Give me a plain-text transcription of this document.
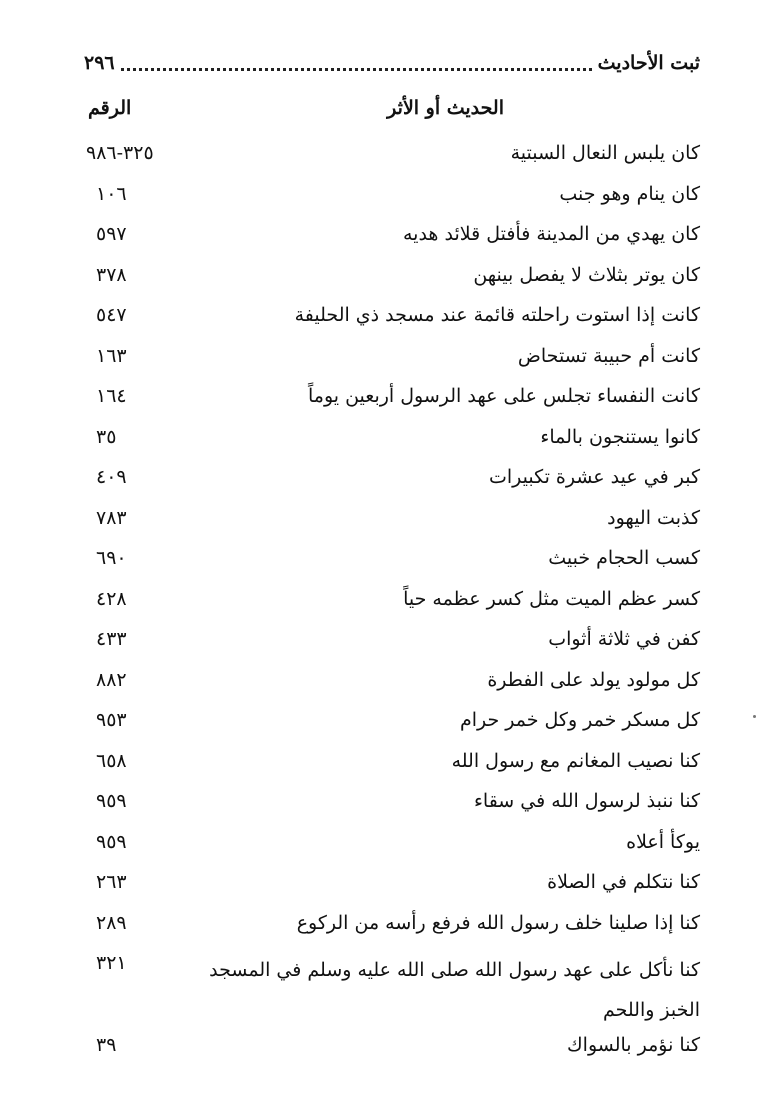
ثبت الأحاديث
٢٩٦
الحديث أو الأثر
الرقم
كان يلبس النعال السبتية
٣٢٥-٩٨٦
كان ينام وهو جنب
١٠٦
كان يهدي من المدينة فأفتل قلائد هديه
٥٩٧
كان يوتر بثلاث لا يفصل بينهن
٣٧٨
كانت إذا استوت راحلته قائمة عند مسجد ذي الحليفة
٥٤٧
كانت أم حبيبة تستحاض
١٦٣
كانت النفساء تجلس على عهد الرسول أربعين يوماً
١٦٤
كانوا يستنجون بالماء
٣٥
كبر في عيد عشرة تكبيرات
٤٠٩
كذبت اليهود
٧٨٣
كسب الحجام خبيث
٦٩٠
كسر عظم الميت مثل كسر عظمه حياً
٤٢٨
كفن في ثلاثة أثواب
٤٣٣
كل مولود يولد على الفطرة
٨٨٢
كل مسكر خمر وكل خمر حرام
٩٥٣
كنا نصيب المغانم مع رسول الله
٦٥٨
كنا ننبذ لرسول الله في سقاء
٩٥٩
يوكأ أعلاه
٩٥٩
كنا نتكلم في الصلاة
٢٦٣
كنا إذا صلينا خلف رسول الله فرفع رأسه من الركوع
٢٨٩
كنا نأكل على عهد رسول الله صلى الله عليه وسلم في المسجد الخبز واللحم
٣٢١
كنا نؤمر بالسواك
٣٩
